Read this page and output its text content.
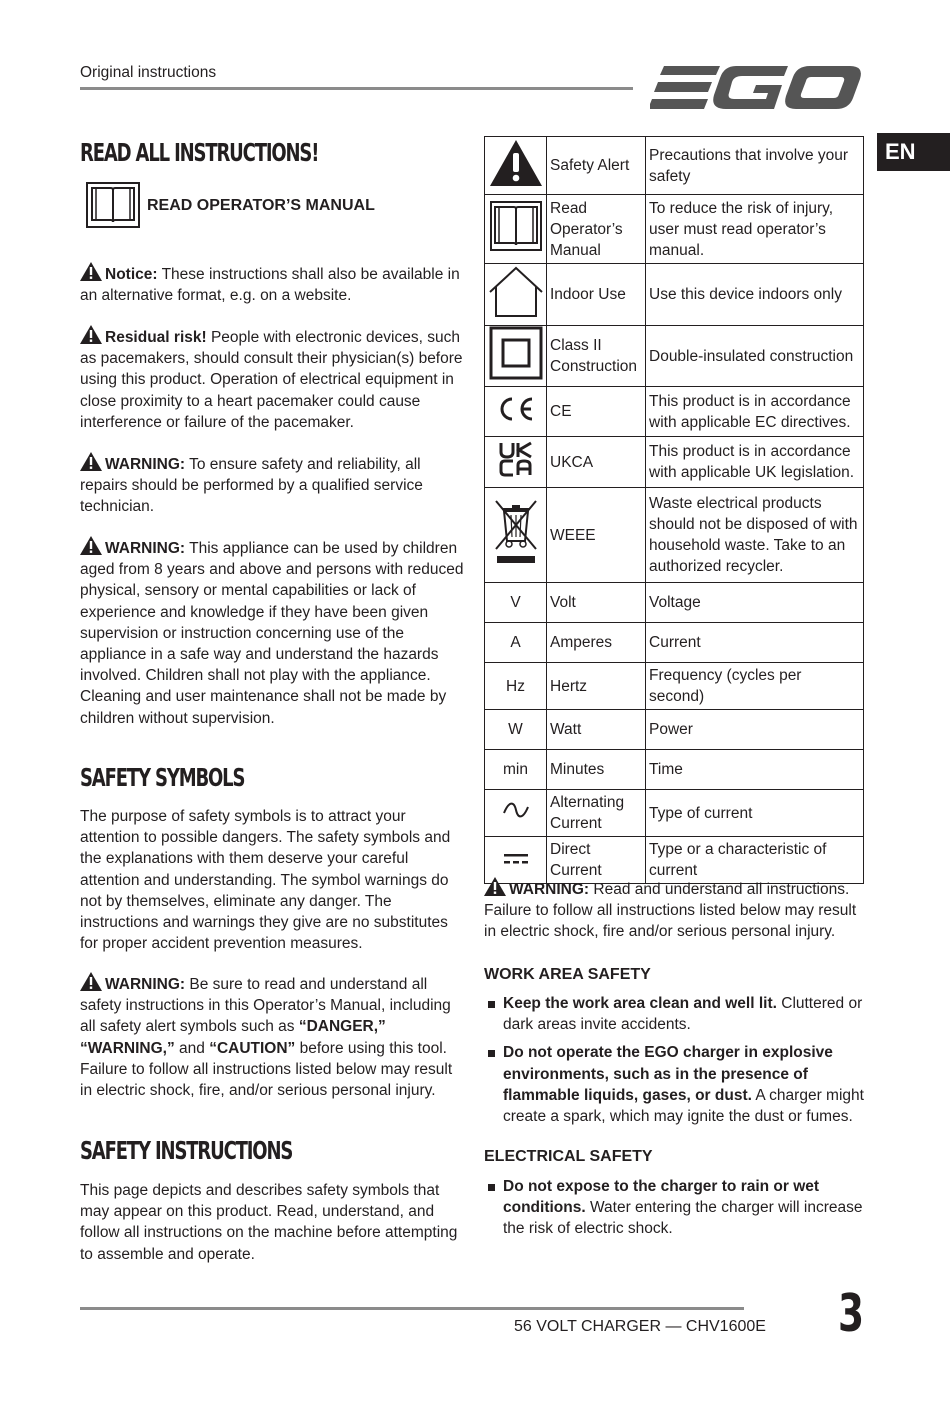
Original instructions
EN
READ ALL INSTRUCTIONS!
READ OPERATOR’S MANUAL
Notice: These instructions shall also be available in an alternative format, e.g. on a website.
Residual risk! People with electronic devices, such as pacemakers, should consult their physician(s) before using this product. Operation of electrical equipment in close proximity to a heart pacemaker could cause interference or failure of the pacemaker.
WARNING: To ensure safety and reliability, all repairs should be performed by a qualified service technician.
WARNING: This appliance can be used by children aged from 8 years and above and persons with reduced physical, sensory or mental capabilities or lack of experience and knowledge if they have been given supervision or instruction concerning use of the appliance in a safe way and understand the hazards involved. Children shall not play with the appliance. Cleaning and user maintenance shall not be made by children without supervision.
SAFETY SYMBOLS
The purpose of safety symbols is to attract your attention to possible dangers. The safety symbols and the explanations with them deserve your careful attention and understanding. The symbol warnings do not by themselves, eliminate any danger. The instructions and warnings they give are no substitutes for proper accident prevention measures.
WARNING: Be sure to read and understand all safety instructions in this Operator’s Manual, including all safety alert symbols such as “DANGER,” “WARNING,” and “CAUTION” before using this tool. Failure to follow all instructions listed below may result in electric shock, fire, and/or serious personal injury.
SAFETY INSTRUCTIONS
This page depicts and describes safety symbols that may appear on this product. Read, understand, and follow all instructions on the machine before attempting to assemble and operate.
	Safety Alert	Precautions that involve your safety
	Read Operator’s Manual	To reduce the risk of injury, user must read operator’s manual.
	Indoor Use	Use this device indoors only
	Class II Construction	Double-insulated construction
	CE	This product is in accordance with applicable EC directives.
	UKCA	This product is in accordance with applicable UK legislation.
	WEEE	Waste electrical products should not be disposed of with household waste. Take to an authorized recycler.
V	Volt	Voltage
A	Amperes	Current
Hz	Hertz	Frequency (cycles per second)
W	Watt	Power
min	Minutes	Time
	Alternating Current	Type of current
	Direct Current	Type or a characteristic of current
WARNING: Read and understand all instructions. Failure to follow all instructions listed below may result in electric shock, fire and/or serious personal injury.
WORK AREA SAFETY
Keep the work area clean and well lit. Cluttered or dark areas invite accidents.
Do not operate the EGO charger in explosive environments, such as in the presence of flammable liquids, gases, or dust. A charger might create a spark, which may ignite the dust or fumes.
ELECTRICAL SAFETY
Do not expose to the charger to rain or wet conditions. Water entering the charger will increase the risk of electric shock.
56 VOLT CHARGER — CHV1600E 3
